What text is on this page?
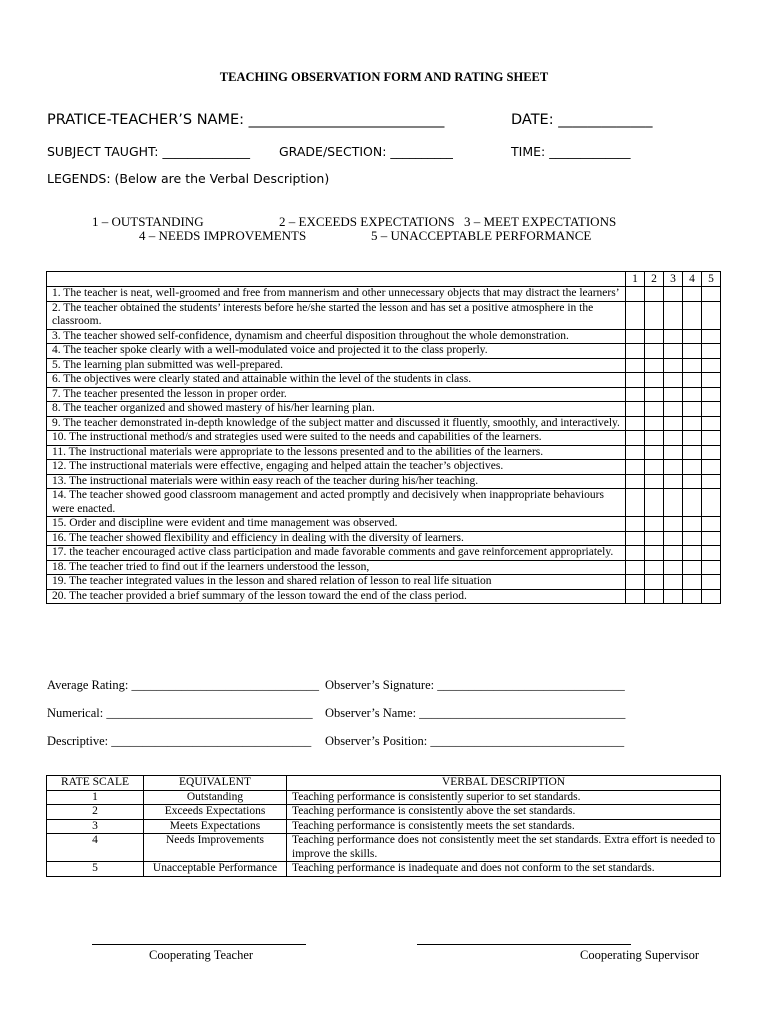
TEACHING OBSERVATION FORM AND RATING SHEET
PRATICE-TEACHER’S NAME: ___________________________	DATE: _____________
SUBJECT TAUGHT: ______________ GRADE/SECTION: __________	TIME: _____________
LEGENDS: (Below are the Verbal Description)
1 – OUTSTANDING	2 – EXCEEDS EXPECTATIONS 3 – MEET EXPECTATIONS
4 – NEEDS IMPROVEMENTS	5 – UNACCEPTABLE PERFORMANCE
	1	2	3	4	5
1. The teacher is neat, well-groomed and free from mannerism and other unnecessary objects that may distract the learners’					
2. The teacher obtained the students’ interests before he/she started the lesson and has set a positive atmosphere in the classroom.					
3. The teacher showed self-confidence, dynamism and cheerful disposition throughout the whole demonstration.					
4. The teacher spoke clearly with a well-modulated voice and projected it to the class properly.					
5. The learning plan submitted was well-prepared.					
6. The objectives were clearly stated and attainable within the level of the students in class.					
7. The teacher presented the lesson in proper order.					
8. The teacher organized and showed mastery of his/her learning plan.					
9. The teacher demonstrated in-depth knowledge of the subject matter and discussed it fluently, smoothly, and interactively.					
10. The instructional method/s and strategies used were suited to the needs and capabilities of the learners.					
11. The instructional materials were appropriate to the lessons presented and to the abilities of the learners.					
12. The instructional materials were effective, engaging and helped attain the teacher’s objectives.					
13. The instructional materials were within easy reach of the teacher during his/her teaching.					
14. The teacher showed good classroom management and acted promptly and decisively when inappropriate behaviours were enacted.					
15. Order and discipline were evident and time management was observed.					
16. The teacher showed flexibility and efficiency in dealing with the diversity of learners.					
17. the teacher encouraged active class participation and made favorable comments and gave reinforcement appropriately.					
18. The teacher tried to find out if the learners understood the lesson,					
19. The teacher integrated values in the lesson and shared relation of lesson to real life situation					
20. The teacher provided a brief summary of the lesson toward the end of the class period.					
Average Rating: ______________________________ Observer’s Signature: ______________________________
Numerical: _________________________________ Observer’s Name: _________________________________
Descriptive: ________________________________ Observer’s Position: _______________________________
RATE SCALE	EQUIVALENT	VERBAL DESCRIPTION
1	Outstanding	Teaching performance is consistently superior to set standards.
2	Exceeds Expectations	Teaching performance is consistently above the set standards.
3	Meets Expectations	Teaching performance is consistently meets the set standards.
4	Needs Improvements	Teaching performance does not consistently meet the set standards. Extra effort is needed to improve the skills.
5	Unacceptable Performance	Teaching performance is inadequate and does not conform to the set standards.
Cooperating Teacher	Cooperating Supervisor
